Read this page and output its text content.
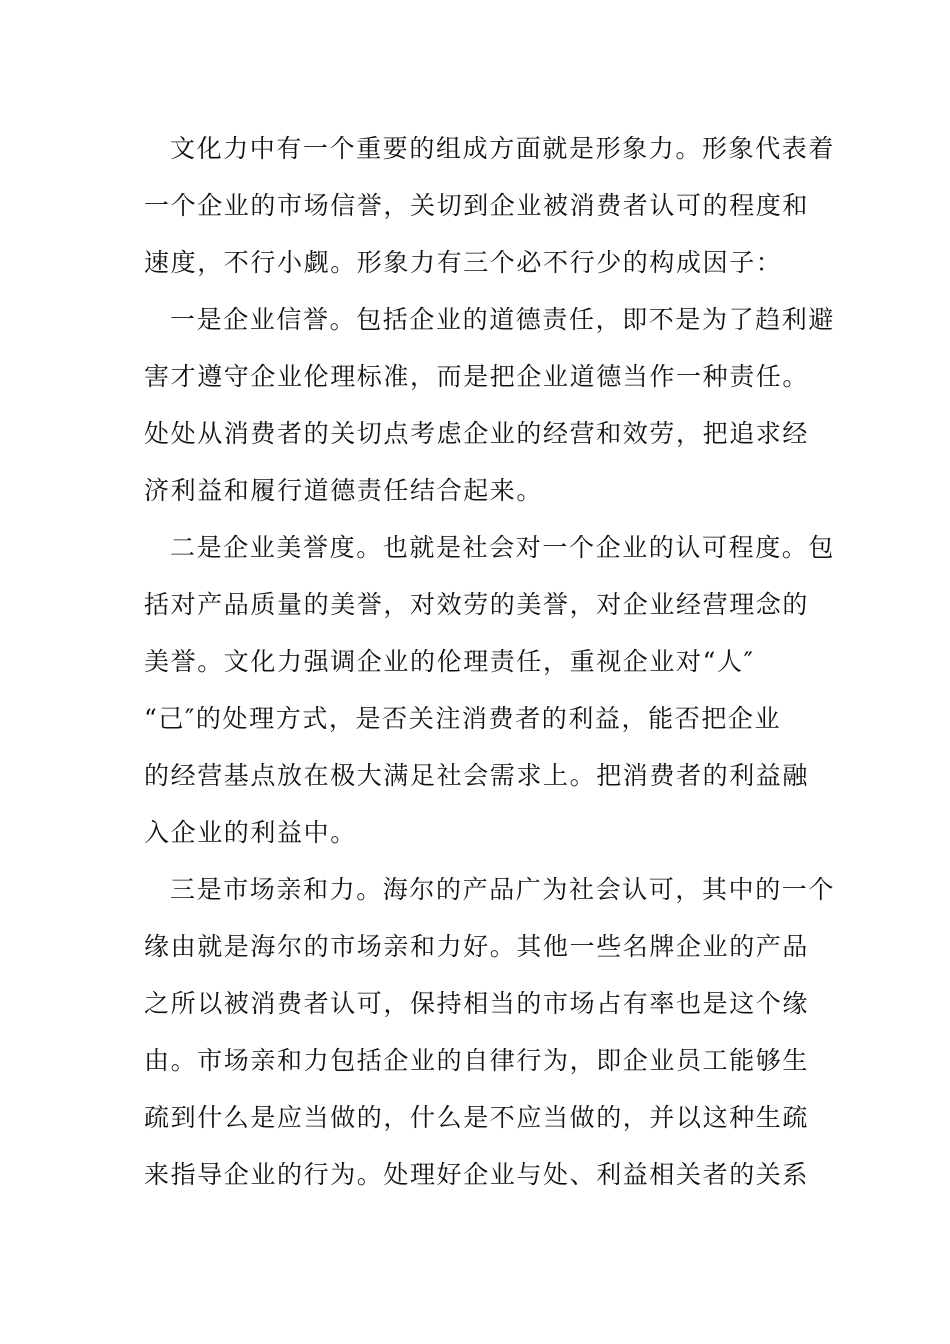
文化力中有一个重要的组成方面就是形象力。形象代表着
一个企业的市场信誉，关切到企业被消费者认可的程度和
速度，不行小觑。形象力有三个必不行少的构成因子：
一是企业信誉。包括企业的道德责任，即不是为了趋利避
害才遵守企业伦理标准，而是把企业道德当作一种责任。
处处从消费者的关切点考虑企业的经营和效劳，把追求经
济利益和履行道德责任结合起来。
二是企业美誉度。也就是社会对一个企业的认可程度。包
括对产品质量的美誉，对效劳的美誉，对企业经营理念的
美誉。文化力强调企业的伦理责任，重视企业对“人″
“己″的处理方式，是否关注消费者的利益，能否把企业
的经营基点放在极大满足社会需求上。把消费者的利益融
入企业的利益中。
三是市场亲和力。海尔的产品广为社会认可，其中的一个
缘由就是海尔的市场亲和力好。其他一些名牌企业的产品
之所以被消费者认可，保持相当的市场占有率也是这个缘
由。市场亲和力包括企业的自律行为，即企业员工能够生
疏到什么是应当做的，什么是不应当做的，并以这种生疏
来指导企业的行为。处理好企业与处、利益相关者的关系
